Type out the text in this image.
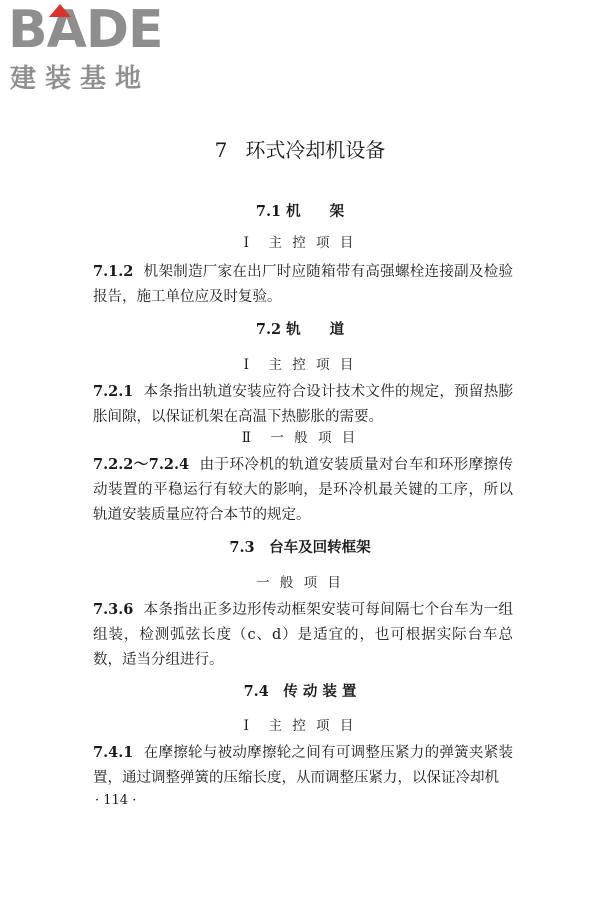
BADE
建装基地
7 环式冷却机设备
7.1 机　　架
Ⅰ　主 控 项 目
7.1.2 机架制造厂家在出厂时应随箱带有高强螺栓连接副及检验报告，施工单位应及时复验。
7.2 轨　　道
Ⅰ　主 控 项 目
7.2.1 本条指出轨道安装应符合设计技术文件的规定，预留热膨胀间隙，以保证机架在高温下热膨胀的需要。
Ⅱ　一 般 项 目
7.2.2～7.2.4 由于环冷机的轨道安装质量对台车和环形摩擦传动装置的平稳运行有较大的影响，是环冷机最关键的工序，所以轨道安装质量应符合本节的规定。
7.3　台车及回转框架
一 般 项 目
7.3.6 本条指出正多边形传动框架安装可每间隔七个台车为一组组装，检测弧弦长度（c、d）是适宜的，也可根据实际台车总数，适当分组进行。
7.4　传 动 装 置
Ⅰ　主 控 项 目
7.4.1 在摩擦轮与被动摩擦轮之间有可调整压紧力的弹簧夹紧装置，通过调整弹簧的压缩长度，从而调整压紧力，以保证冷却机
· 114 ·
